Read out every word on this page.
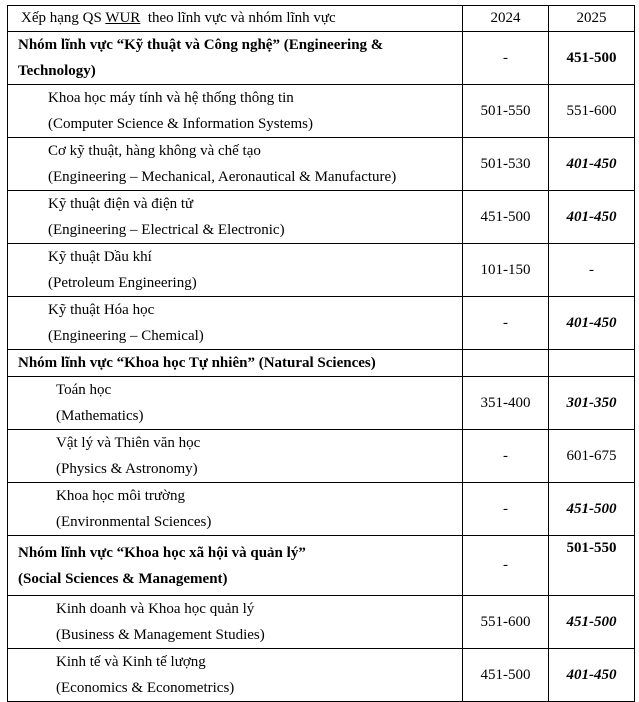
Xếp hạng QS WUR  theo lĩnh vực và nhóm lĩnh vực	2024	2025

Nhóm lĩnh vực “Kỹ thuật và Công nghệ” (Engineering &
Technology)	-	451-500

Khoa học máy tính và hệ thống thông tin
(Computer Science & Information Systems)	501-550	551-600

Cơ kỹ thuật, hàng không và chế tạo
(Engineering – Mechanical, Aeronautical & Manufacture)	501-530	401-450

Kỹ thuật điện và điện tử
(Engineering – Electrical & Electronic)	451-500	401-450

Kỹ thuật Dầu khí
(Petroleum Engineering)	101-150	-

Kỹ thuật Hóa học
(Engineering – Chemical)	-	401-450

Nhóm lĩnh vực “Khoa học Tự nhiên” (Natural Sciences)		

Toán học
(Mathematics)	351-400	301-350

Vật lý và Thiên văn học
(Physics & Astronomy)	-	601-675

Khoa học môi trường
(Environmental Sciences)	-	451-500

Nhóm lĩnh vực “Khoa học xã hội và quản lý”
(Social Sciences & Management)	-	501-550

Kinh doanh và Khoa học quản lý
(Business & Management Studies)	551-600	451-500

Kinh tế và Kinh tế lượng
(Economics & Econometrics)	451-500	401-450
